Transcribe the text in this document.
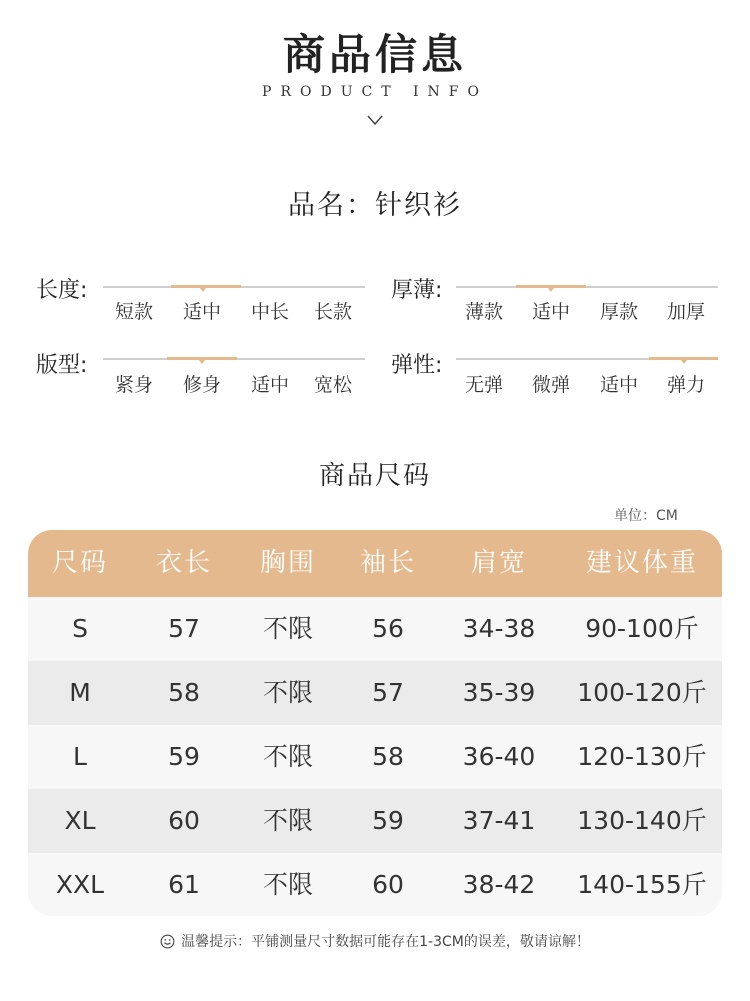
商品信息
PRODUCT INFO
品名：针织衫
长度:
短款	适中	中长	长款
厚薄:
薄款	适中	厚款	加厚
版型:
紧身	修身	适中	宽松
弹性:
无弹	微弹	适中	弹力
商品尺码
单位：CM
尺码	衣长	胸围	袖长	肩宽	建议体重
S	57	不限	56	34-38	90-100斤
M	58	不限	57	35-39	100-120斤
L	59	不限	58	36-40	120-130斤
XL	60	不限	59	37-41	130-140斤
XXL	61	不限	60	38-42	140-155斤
温馨提示：平铺测量尺寸数据可能存在1-3CM的误差，敬请谅解！
